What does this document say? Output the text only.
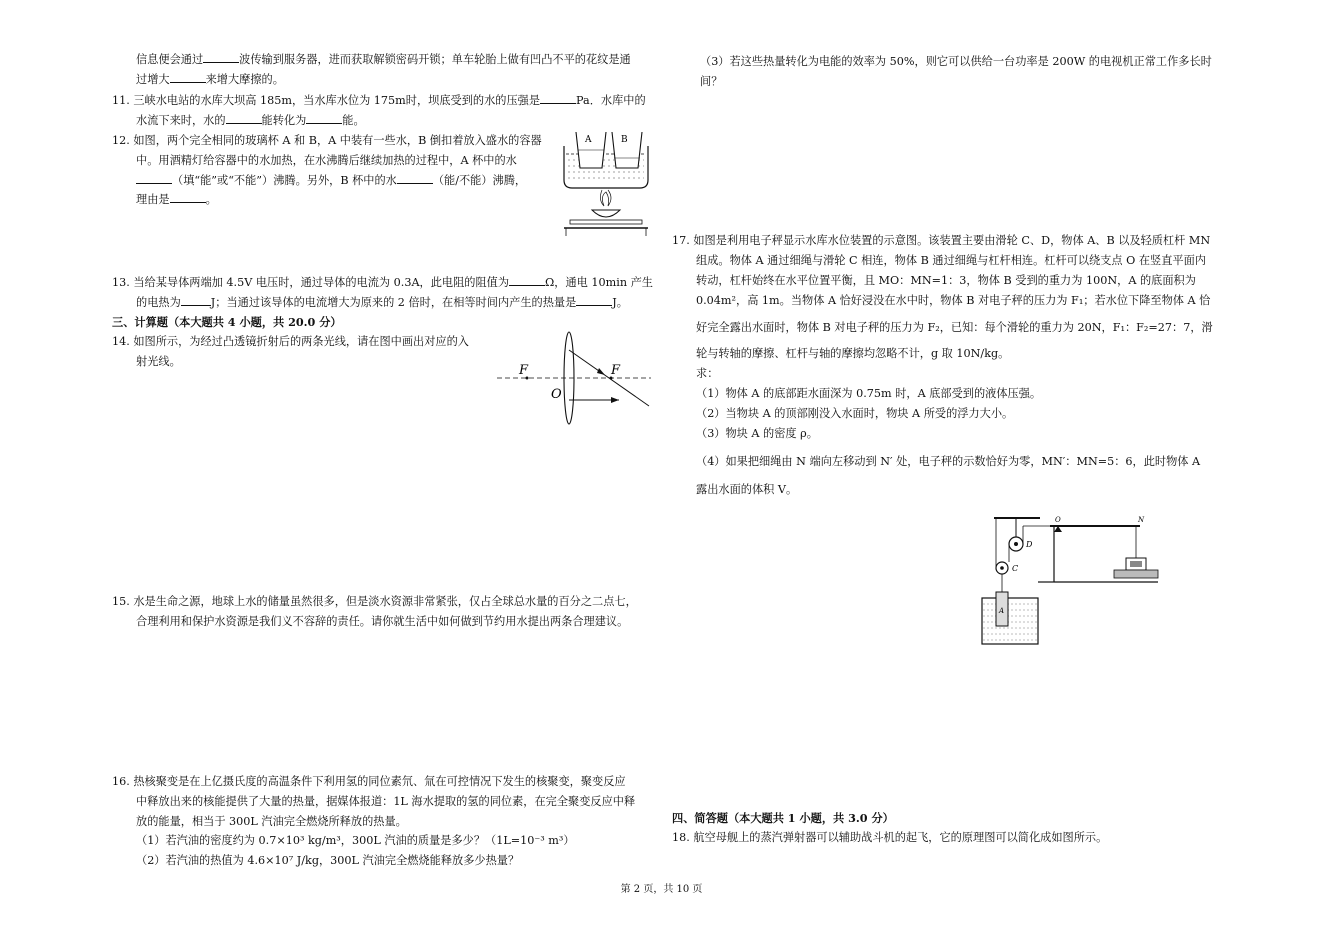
信息便会通过	波传输到服务器，进而获取解锁密码开锁；单车轮胎上做有凹凸不平的花纹是通
过增大	来增大摩擦的。
11. 三峡水电站的水库大坝高 185m，当水库水位为 175m时，坝底受到的水的压强是	Pa．水库中的
水流下来时，水的	能转化为	能。
12. 如图，两个完全相同的玻璃杯 A 和 B，A 中装有一些水，B 倒扣着放入盛水的容器
中。用酒精灯给容器中的水加热，在水沸腾后继续加热的过程中，A 杯中的水
（填“能”或“不能”）沸腾。另外，B 杯中的水	（能/不能）沸腾，
理由是	。
A	B
13. 当给某导体两端加 4.5V 电压时，通过导体的电流为 0.3A，此电阻的阻值为	Ω，通电 10min 产生
的电热为	J；当通过该导体的电流增大为原来的 2 倍时，在相等时间内产生的热量是	J。
三、计算题（本大题共 4 小题，共 20.0 分）
14. 如图所示，为经过凸透镜折射后的两条光线，请在图中画出对应的入
射光线。
F	F
O
15. 水是生命之源，地球上水的储量虽然很多，但是淡水资源非常紧张，仅占全球总水量的百分之二点七，
合理利用和保护水资源是我们义不容辞的责任。请你就生活中如何做到节约用水提出两条合理建议。
16. 热核聚变是在上亿摄氏度的高温条件下利用氢的同位素氘、氚在可控情况下发生的核聚变，聚变反应
中释放出来的核能提供了大量的热量，据媒体报道：1L 海水提取的氢的同位素，在完全聚变反应中释
放的能量，相当于 300L 汽油完全燃烧所释放的热量。
（1）若汽油的密度约为 0.7×10³ kg/m³，300L 汽油的质量是多少？（1L=10⁻³ m³）
（2）若汽油的热值为 4.6×10⁷ J/kg，300L 汽油完全燃烧能释放多少热量？
（3）若这些热量转化为电能的效率为 50%，则它可以供给一台功率是 200W 的电视机正常工作多长时
间？
17. 如图是利用电子秤显示水库水位装置的示意图。该装置主要由滑轮 C、D，物体 A、B 以及轻质杠杆 MN
组成。物体 A 通过细绳与滑轮 C 相连，物体 B 通过细绳与杠杆相连。杠杆可以绕支点 O 在竖直平面内
转动，杠杆始终在水平位置平衡，且 MO：MN=1：3，物体 B 受到的重力为 100N，A 的底面积为
0.04m²，高 1m。当物体 A 恰好浸没在水中时，物体 B 对电子秤的压力为 F₁；若水位下降至物体 A 恰
好完全露出水面时，物体 B 对电子秤的压力为 F₂，已知：每个滑轮的重力为 20N，F₁：F₂=27：7，滑
轮与转轴的摩擦、杠杆与轴的摩擦均忽略不计，g 取 10N/kg。
求：
（1）物体 A 的底部距水面深为 0.75m 时，A 底部受到的液体压强。
（2）当物块 A 的顶部刚没入水面时，物块 A 所受的浮力大小。
（3）物块 A 的密度 ρ。
（4）如果把细绳由 N 端向左移动到 N′ 处，电子秤的示数恰好为零，MN′：MN=5：6，此时物体 A
露出水面的体积 V。
D
C
A
O	N
四、简答题（本大题共 1 小题，共 3.0 分）
18. 航空母舰上的蒸汽弹射器可以辅助战斗机的起飞，它的原理图可以简化成如图所示。
第 2 页，共 10 页
